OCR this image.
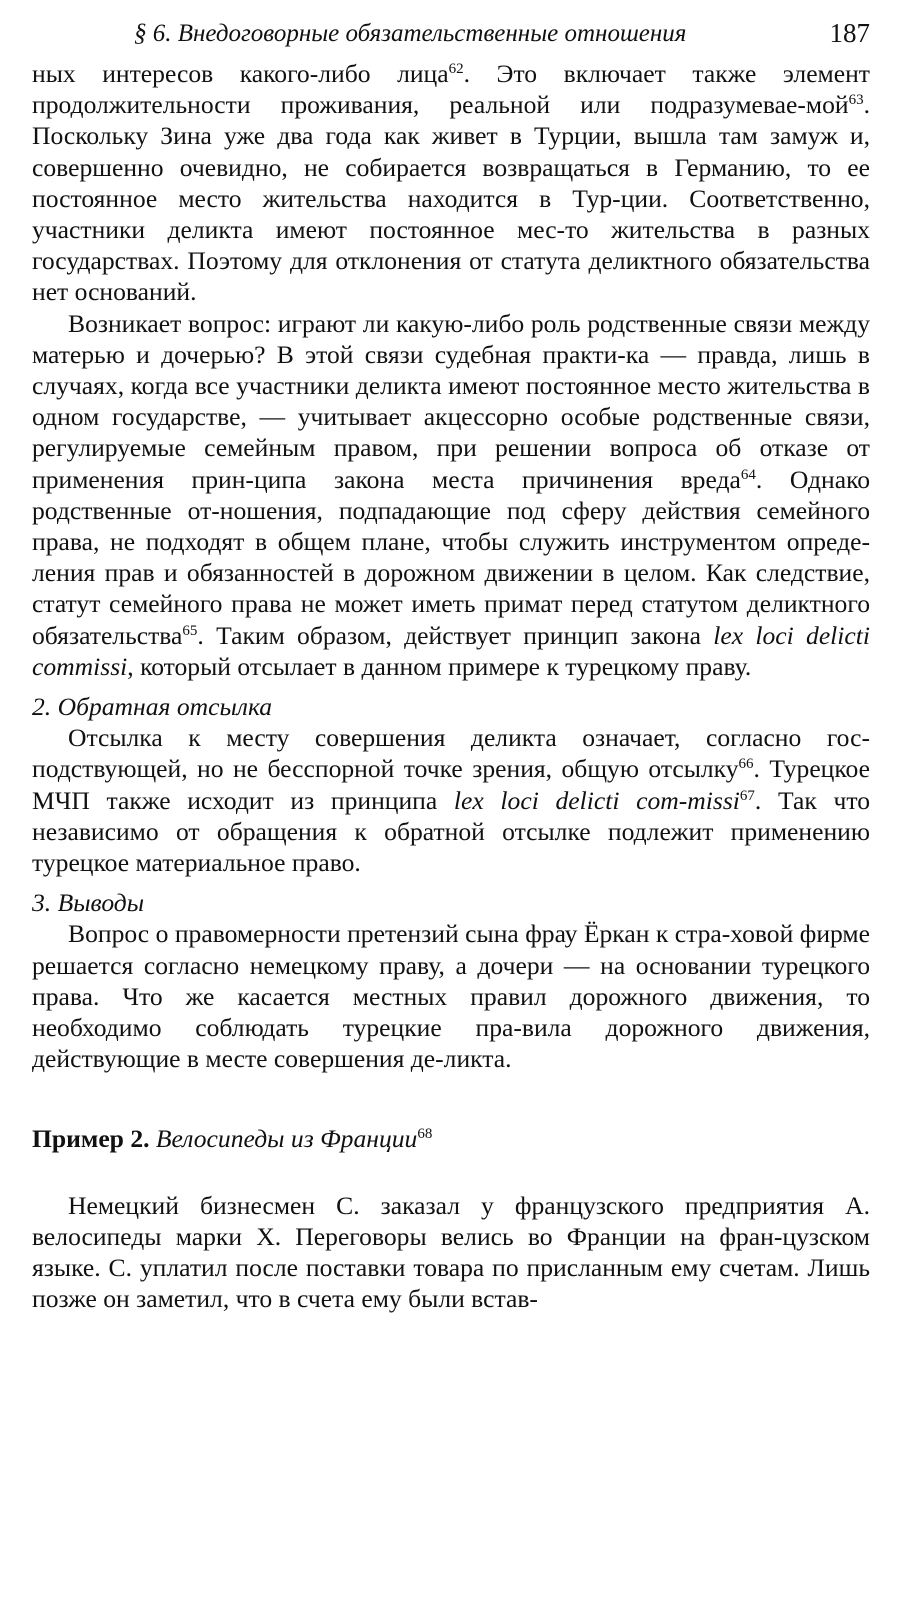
§ 6. Внедоговорные обязательственные отношения	187

ных интересов какого-либо лица$^{62}$. Это включает также элемент продолжительности проживания, реальной или подразумевае-мой$^{63}$. Поскольку Зина уже два года как живет в Турции, вышла там замуж и, совершенно очевидно, не собирается возвращаться в Германию, то ее постоянное место жительства находится в Тур-ции. Соответственно, участники деликта имеют постоянное мес-то жительства в разных государствах. Поэтому для отклонения от статута деликтного обязательства нет оснований.

Возникает вопрос: играют ли какую-либо роль родственные связи между матерью и дочерью? В этой связи судебная практи-ка — правда, лишь в случаях, когда все участники деликта имеют постоянное место жительства в одном государстве, — учитывает акцессорно особые родственные связи, регулируемые семейным правом, при решении вопроса об отказе от применения прин-ципа закона места причинения вреда$^{64}$. Однако родственные от-ношения, подпадающие под сферу действия семейного права, не подходят в общем плане, чтобы служить инструментом опреде-ления прав и обязанностей в дорожном движении в целом. Как следствие, статут семейного права не может иметь примат перед статутом деликтного обязательства$^{65}$. Таким образом, действует принцип закона lex loci delicti commissi, который отсылает в данном примере к турецкому праву.

2. Обратная отсылка

Отсылка к месту совершения деликта означает, согласно гос-подствующей, но не бесспорной точке зрения, общую отсылку$^{66}$. Турецкое МЧП также исходит из принципа lex loci delicti com-missi$^{67}$. Так что независимо от обращения к обратной отсылке подлежит применению турецкое материальное право.

3. Выводы

Вопрос о правомерности претензий сына фрау Ёркан к стра-ховой фирме решается согласно немецкому праву, а дочери — на основании турецкого права. Что же касается местных правил дорожного движения, то необходимо соблюдать турецкие пра-вила дорожного движения, действующие в месте совершения де-ликта.

Пример 2. Велосипеды из Франции$^{68}$

Немецкий бизнесмен С. заказал у французского предприятия А. велосипеды марки X. Переговоры велись во Франции на фран-цузском языке. С. уплатил после поставки товара по присланным ему счетам. Лишь позже он заметил, что в счета ему были встав-
